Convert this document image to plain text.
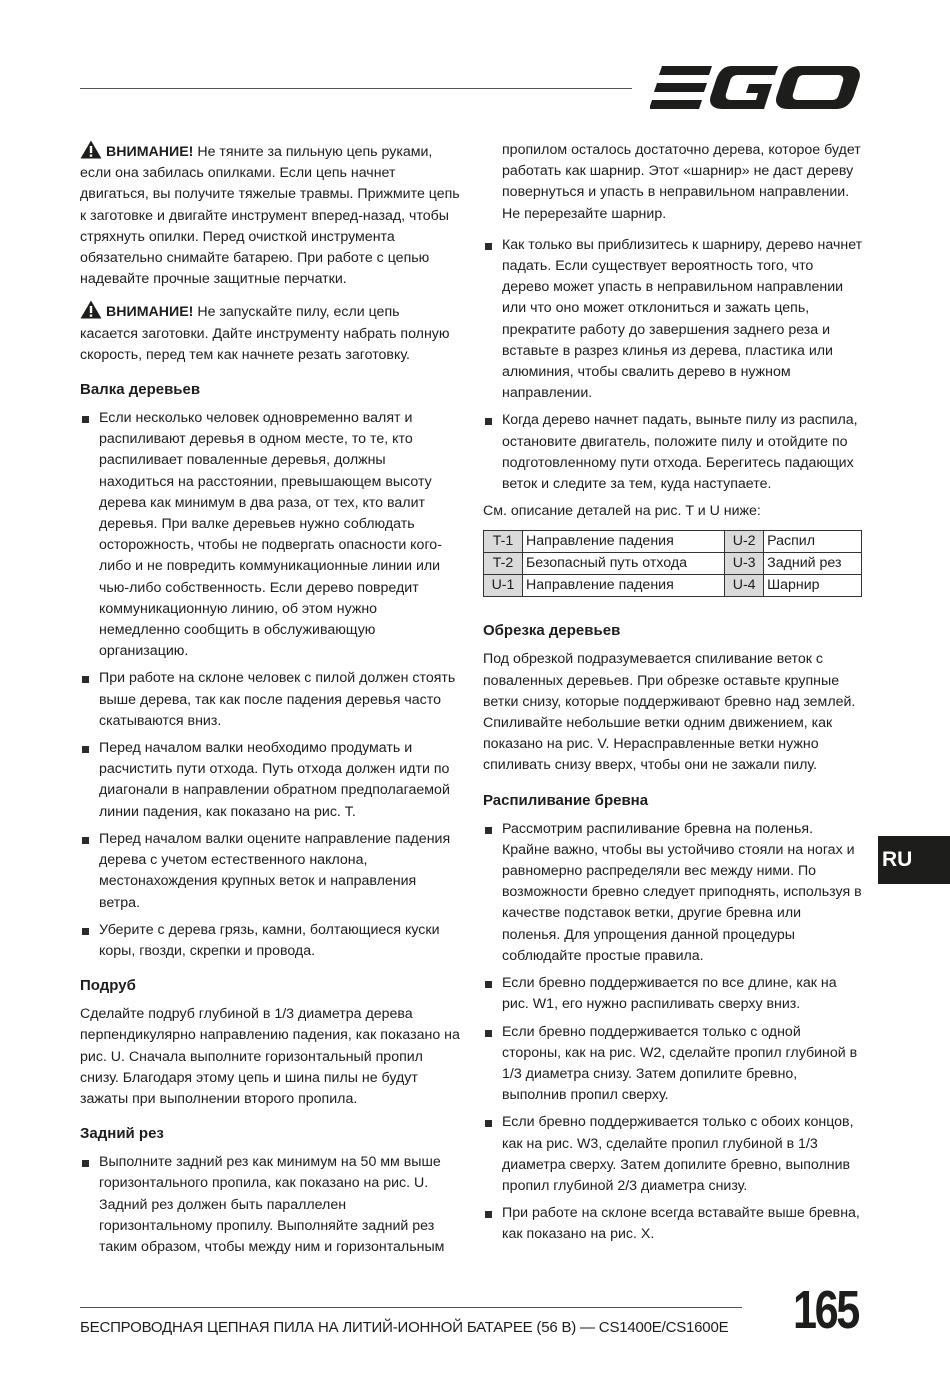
ВНИМАНИЕ! Не тяните за пильную цепь руками, если она забилась опилками. Если цепь начнет двигаться, вы получите тяжелые травмы. Прижмите цепь к заготовке и двигайте инструмент вперед-назад, чтобы стряхнуть опилки. Перед очисткой инструмента обязательно снимайте батарею. При работе с цепью надевайте прочные защитные перчатки.

ВНИМАНИЕ! Не запускайте пилу, если цепь касается заготовки. Дайте инструменту набрать полную скорость, перед тем как начнете резать заготовку.

Валка деревьев
Если несколько человек одновременно валят и распиливают деревья в одном месте, то те, кто распиливает поваленные деревья, должны находиться на расстоянии, превышающем высоту дерева как минимум в два раза, от тех, кто валит деревья. При валке деревьев нужно соблюдать осторожность, чтобы не подвергать опасности кого-либо и не повредить коммуникационные линии или чью-либо собственность. Если дерево повредит коммуникационную линию, об этом нужно немедленно сообщить в обслуживающую организацию.
При работе на склоне человек с пилой должен стоять выше дерева, так как после падения деревья часто скатываются вниз.
Перед началом валки необходимо продумать и расчистить пути отхода. Путь отхода должен идти по диагонали в направлении обратном предполагаемой линии падения, как показано на рис. T.
Перед началом валки оцените направление падения дерева с учетом естественного наклона, местонахождения крупных веток и направления ветра.
Уберите с дерева грязь, камни, болтающиеся куски коры, гвозди, скрепки и провода.
Подруб

Сделайте подруб глубиной в 1/3 диаметра дерева перпендикулярно направлению падения, как показано на рис. U. Сначала выполните горизонтальный пропил снизу. Благодаря этому цепь и шина пилы не будут зажаты при выполнении второго пропила.

Задний рез
Выполните задний рез как минимум на 50 мм выше горизонтального пропила, как показано на рис. U. Задний рез должен быть параллелен горизонтальному пропилу. Выполняйте задний рез таким образом, чтобы между ним и горизонтальным

пропилом осталось достаточно дерева, которое будет работать как шарнир. Этот «шарнир» не даст дереву повернуться и упасть в неправильном направлении. Не перерезайте шарнир.

Как только вы приблизитесь к шарниру, дерево начнет падать. Если существует вероятность того, что дерево может упасть в неправильном направлении или что оно может отклониться и зажать цепь, прекратите работу до завершения заднего реза и вставьте в разрез клинья из дерева, пластика или алюминия, чтобы свалить дерево в нужном направлении.
Когда дерево начнет падать, выньте пилу из распила, остановите двигатель, положите пилу и отойдите по подготовленному пути отхода. Берегитесь падающих веток и следите за тем, куда наступаете.

См. описание деталей на рис. T и U ниже:

T-1	Направление падения	U-2	Распил
T-2	Безопасный путь отхода	U-3	Задний рез
U-1	Направление падения	U-4	Шарнир
Обрезка деревьев

Под обрезкой подразумевается спиливание веток с поваленных деревьев. При обрезке оставьте крупные ветки снизу, которые поддерживают бревно над землей. Спиливайте небольшие ветки одним движением, как показано на рис. V. Нерасправленные ветки нужно спиливать снизу вверх, чтобы они не зажали пилу.

Распиливание бревна
Рассмотрим распиливание бревна на поленья. Крайне важно, чтобы вы устойчиво стояли на ногах и равномерно распределяли вес между ними. По возможности бревно следует приподнять, используя в качестве подставок ветки, другие бревна или поленья. Для упрощения данной процедуры соблюдайте простые правила.
Если бревно поддерживается по все длине, как на рис. W1, его нужно распиливать сверху вниз.
Если бревно поддерживается только с одной стороны, как на рис. W2, сделайте пропил глубиной в 1/3 диаметра снизу. Затем допилите бревно, выполнив пропил сверху.
Если бревно поддерживается только с обоих концов, как на рис. W3, сделайте пропил глубиной в 1/3 диаметра сверху. Затем допилите бревно, выполнив пропил глубиной 2/3 диаметра снизу.
При работе на склоне всегда вставайте выше бревна, как показано на рис. X.
RU
БЕСПРОВОДНАЯ ЦЕПНАЯ ПИЛА НА ЛИТИЙ-ИОННОЙ БАТАРЕЕ (56 В) — CS1400E/CS1600E 165
